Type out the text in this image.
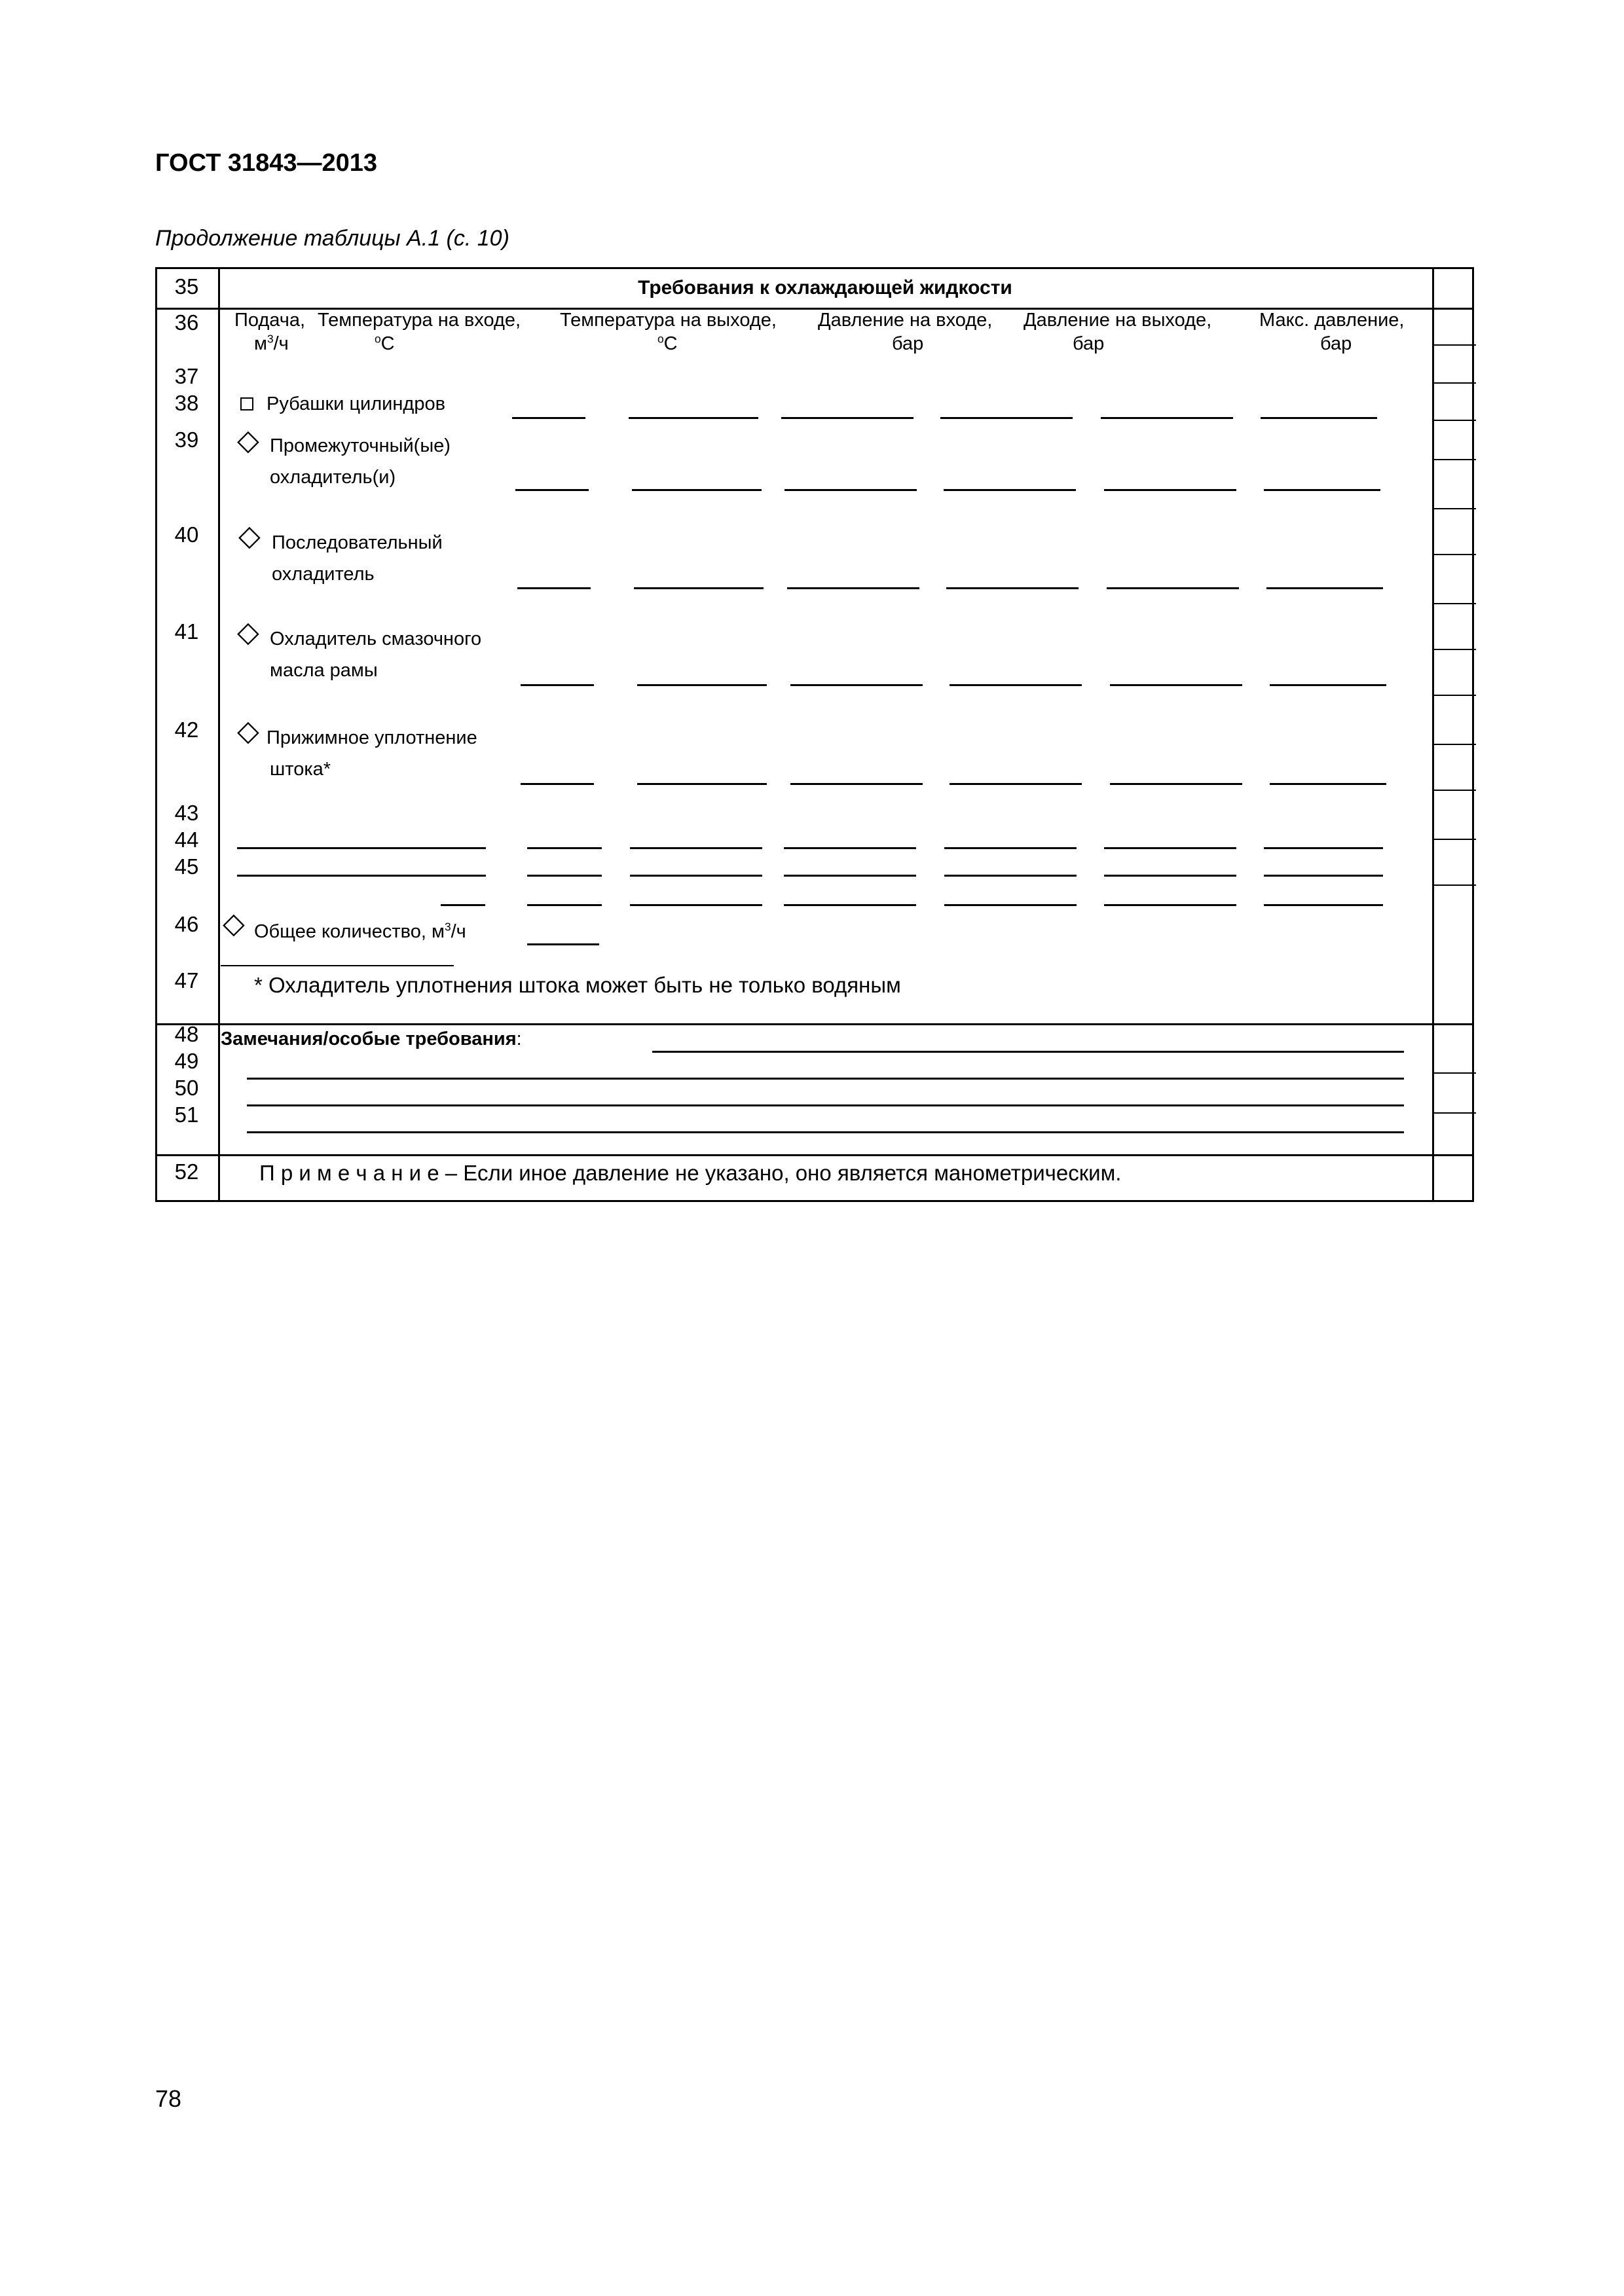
ГОСТ 31843—2013
Продолжение таблицы А.1 (с. 10)
35
36
37
38
39
40
41
42
43
44
45
46
47
48
49
50
51
52
Требования к охлаждающей жидкости
Подача,
$м^3/ч$
Температура на входе,
$^o$С
Температура на выходе,
$^o$С
Давление на входе,
бар
Давление на выходе,
бар
Макс. давление,
бар
Рубашки цилиндров
◇ Промежуточный(ые)
охладитель(и)
◇ Последовательный
охладитель
◇ Охладитель смазочного
масла рамы
◇ Прижимное уплотнение
штока*
◇ Общее количество, $м^3/ч$
* Охладитель уплотнения штока может быть не только водяным
Замечания/особые требования:
П р и м е ч а н и е – Если иное давление не указано, оно является манометрическим.
78
